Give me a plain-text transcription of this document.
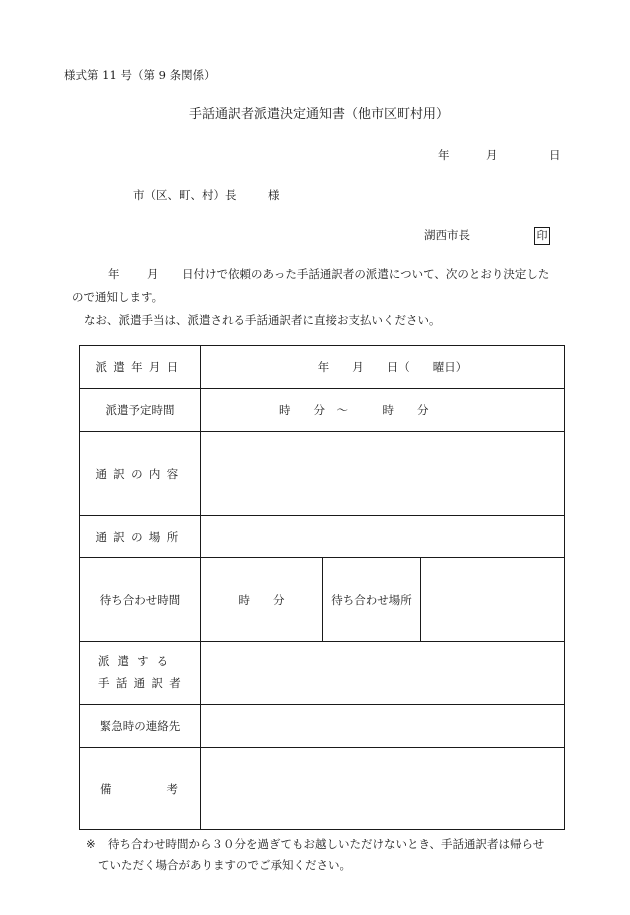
様式第 11 号（第 9 条関係）
手話通訳者派遣決定通知書（他市区町村用）
年	月	日
市（区、町、村）長	様
湖西市長	印
年 月 日付けで依頼のあった手話通訳者の派遣について、次のとおり決定した
ので通知します。
なお、派遣手当は、派遣される手話通訳者に直接お支払いください。
派遣年月日	年　　月　　日（　　曜日）

派遣予定時間	時　　分　～　　　時　　分

通訳の内容	
通訳の場所	
待ち合わせ時間	時　　分 待ち合わせ場所

派遣する
手話通訳者	

緊急時の連絡先	

備 考	

※ 待ち合わせ時間から３０分を過ぎてもお越しいただけないとき、手話通訳者は帰らせ
ていただく場合がありますのでご承知ください。
